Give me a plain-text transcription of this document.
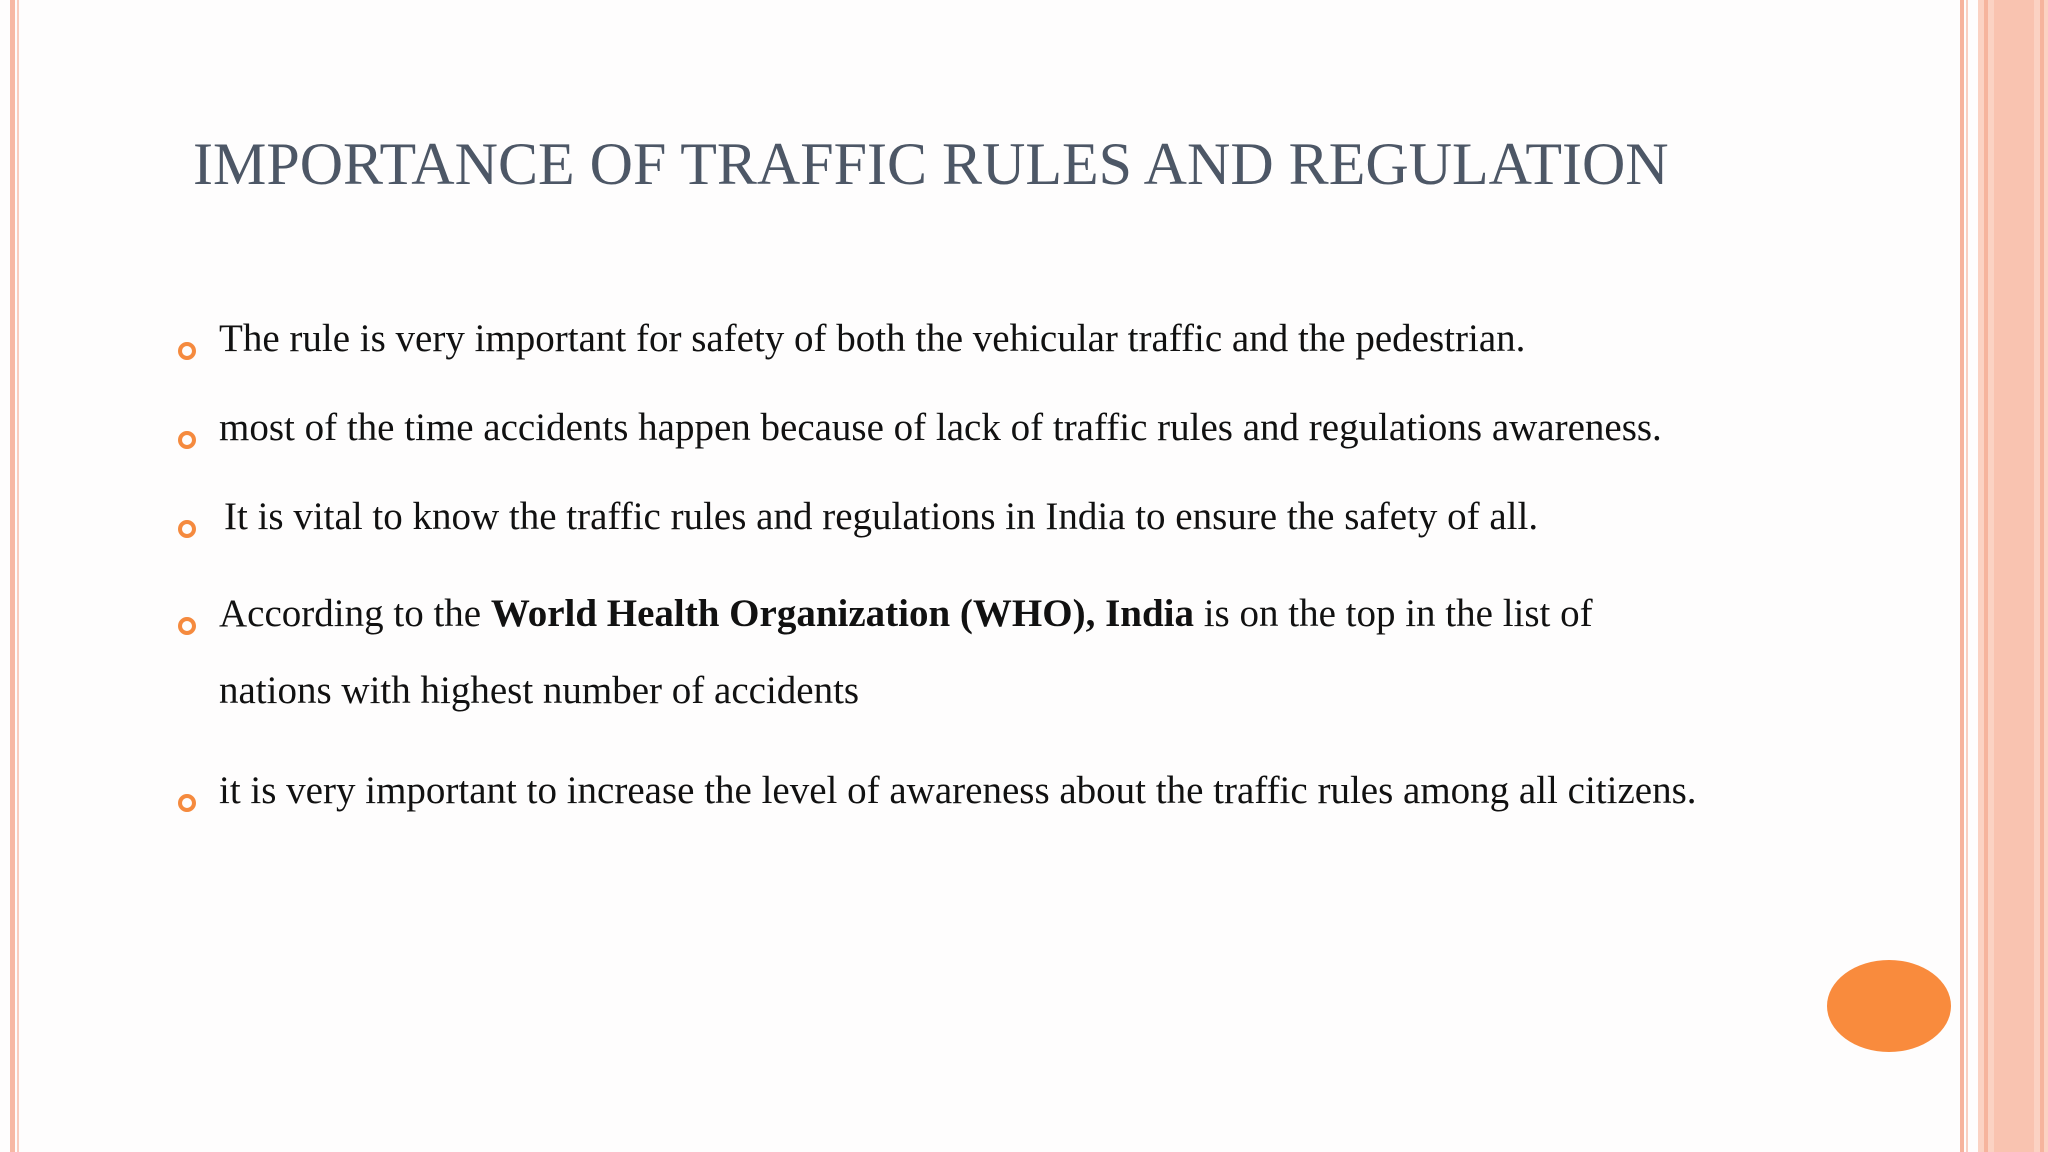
IMPORTANCE OF TRAFFIC RULES AND REGULATION
The rule is very important for safety of both the vehicular traffic and the pedestrian.
most of the time accidents happen because of lack of traffic rules and regulations awareness.
It is vital to know the traffic rules and regulations in India to ensure the safety of all.
According to the World Health Organization (WHO), India is on the top in the list of
nations with highest number of accidents
it is very important to increase the level of awareness about the traffic rules among all citizens.
